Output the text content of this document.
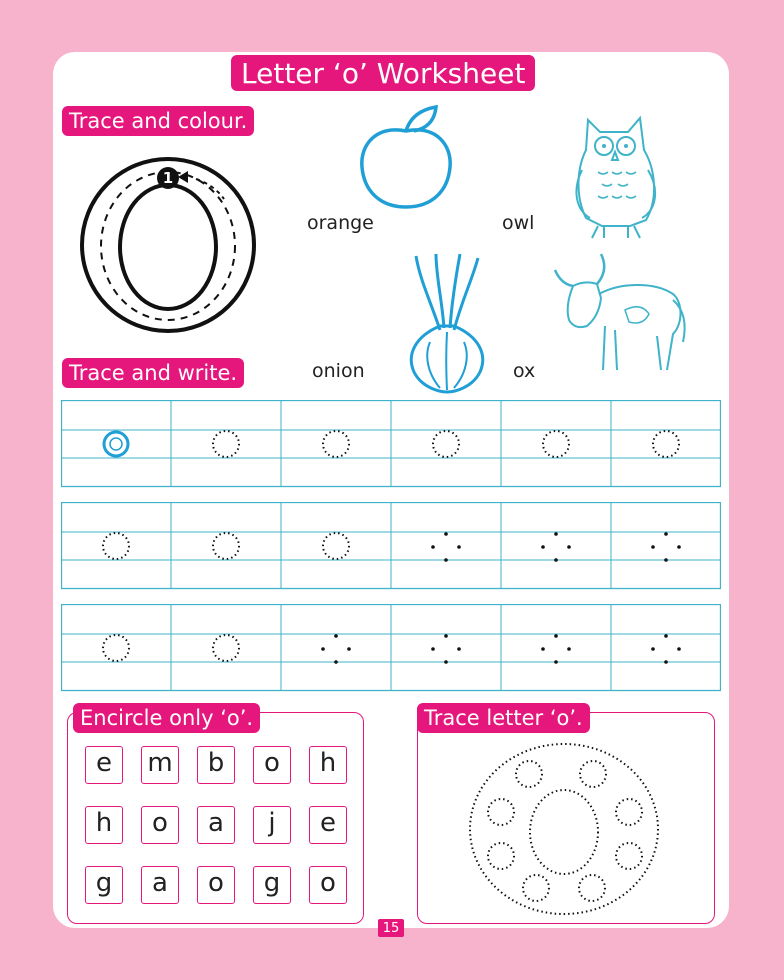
Letter ‘o’ Worksheet
Trace and colour.
1
orange	owl
onion	ox
Trace and write.
Encircle only ‘o’.
e	m	b	o	h
h	o	a	j	e
g	a	o	g	o
Trace letter ‘o’.
15
